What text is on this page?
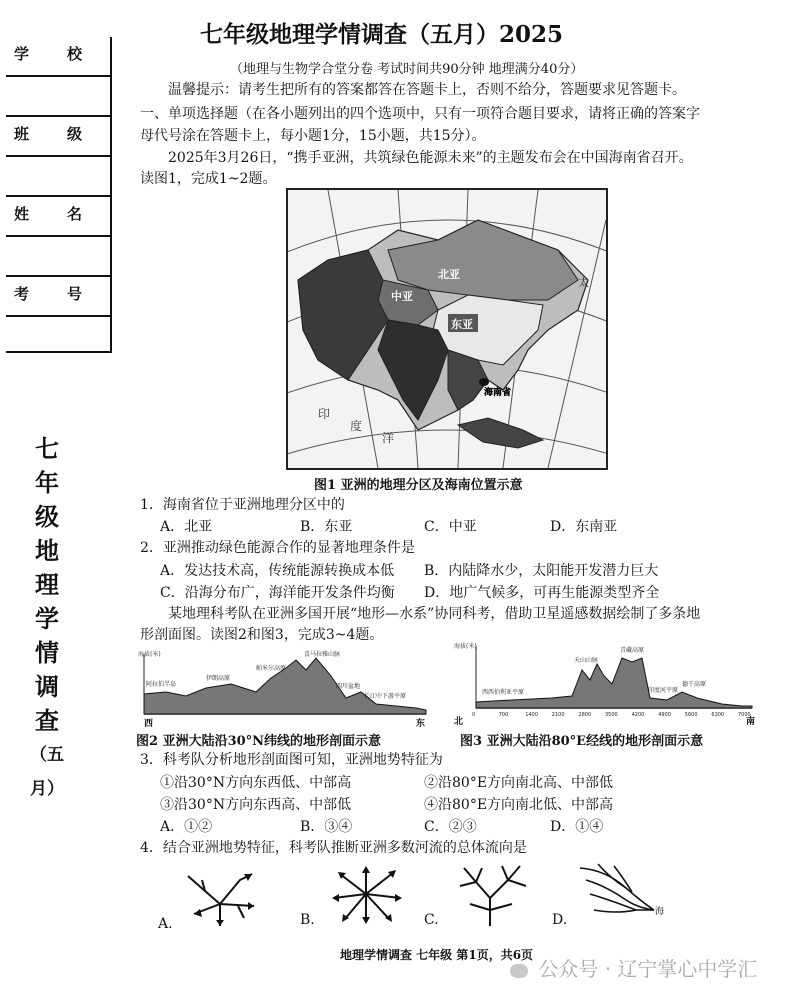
学校
班级
姓名
考号
七
年
级
地
理
学
情
调
查
（五
月）
七年级地理学情调查（五月）2025
（地理与生物学合堂分卷 考试时间共90分钟 地理满分40分）
温馨提示：请考生把所有的答案都答在答题卡上，否则不给分，答题要求见答题卡。
一、单项选择题（在各小题列出的四个选项中，只有一项符合题目要求，请将正确的答案字
母代号涂在答题卡上，每小题1分，15小题，共15分）。
2025年3月26日，“携手亚洲，共筑绿色能源未来”的主题发布会在中国海南省召开。
读图1，完成1~2题。
海南省
北亚
中亚
东亚
太
印
度
洋
图1 亚洲的地理分区及海南位置示意
1．海南省位于亚洲地理分区中的
A．北亚	B．东亚	C．中亚	D．东南亚
2．亚洲推动绿色能源合作的显著地理条件是
A．发达技术高，传统能源转换成本低 B．内陆降水少，太阳能开发潜力巨大
C．沿海分布广，海洋能开发条件均衡 D．地广气候多，可再生能源类型齐全
某地理科考队在亚洲多国开展“地形—水系”协同科考，借助卫星遥感数据绘制了多条地
形剖面图。读图2和图3，完成3~4题。
海拔(米)
阿拉伯半岛
伊朗高原
喜马拉雅山脉
四川盆地
长江中下游平原
帕米尔高原
西	东
图2 亚洲大陆沿30°N纬线的地形剖面示意
海拔(米)
西西伯利亚平原
天山山脉
青藏高原
印度河平原
德干高原
0	700	1400	2100	2800	3500	4200	4900	5600	6300	7000
北	南
图3 亚洲大陆沿80°E经线的地形剖面示意
3．科考队分析地形剖面图可知，亚洲地势特征为
①沿30°N方向东西低、中部高	②沿80°E方向南北高、中部低
③沿30°N方向东西高、中部低	④沿80°E方向南北低、中部高
A．①②	B．③④	C．②③	D．①④
4．结合亚洲地势特征，科考队推断亚洲多数河流的总体流向是
A.	B.	C.	D.	海
地理学情调查 七年级 第1页，共6页
公众号 · 辽宁掌心中学汇
